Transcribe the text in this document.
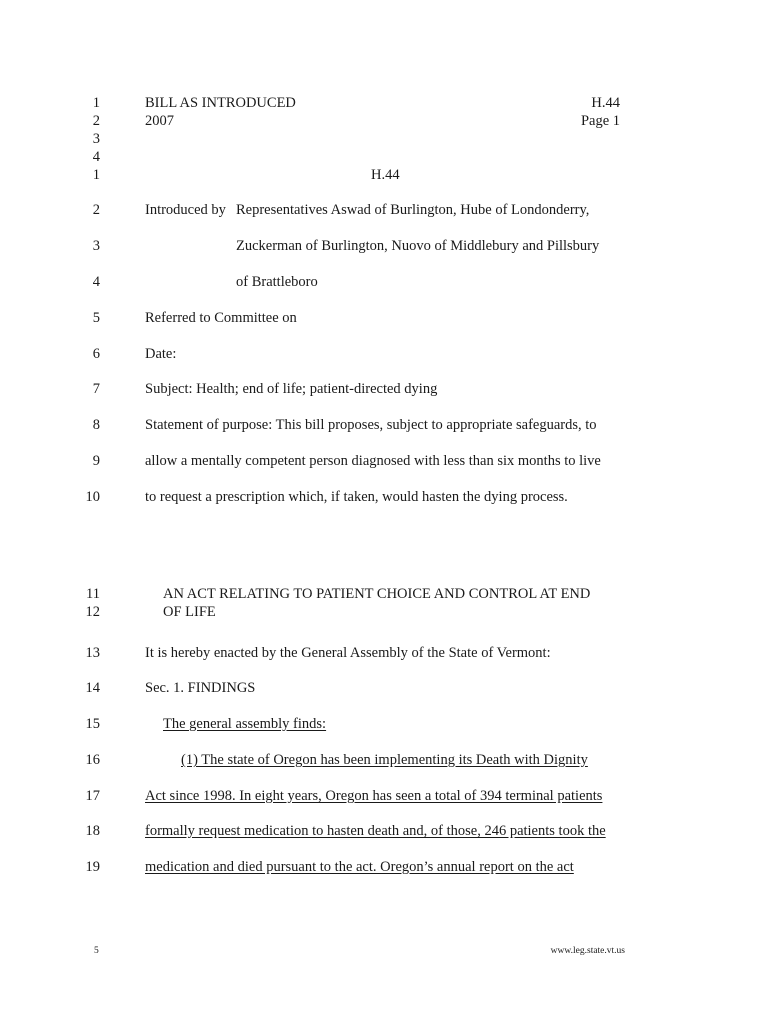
1
2
3
4
BILL AS INTRODUCED	H.44
2007	Page 1
1	H.44
2	Introduced by Representatives Aswad of Burlington, Hube of Londonderry,
3	Zuckerman of Burlington, Nuovo of Middlebury and Pillsbury
4	of Brattleboro
5	Referred to Committee on
6	Date:
7	Subject: Health; end of life; patient-directed dying
8	Statement of purpose: This bill proposes, subject to appropriate safeguards, to
9	allow a mentally competent person diagnosed with less than six months to live
10	to request a prescription which, if taken, would hasten the dying process.
11	AN ACT RELATING TO PATIENT CHOICE AND CONTROL AT END
12	OF LIFE
13	It is hereby enacted by the General Assembly of the State of Vermont:
14	Sec. 1. FINDINGS
15	The general assembly finds:
16	(1) The state of Oregon has been implementing its Death with Dignity
17	Act since 1998. In eight years, Oregon has seen a total of 394 terminal patients
18	formally request medication to hasten death and, of those, 246 patients took the
19	medication and died pursuant to the act. Oregon’s annual report on the act
5	www.leg.state.vt.us
